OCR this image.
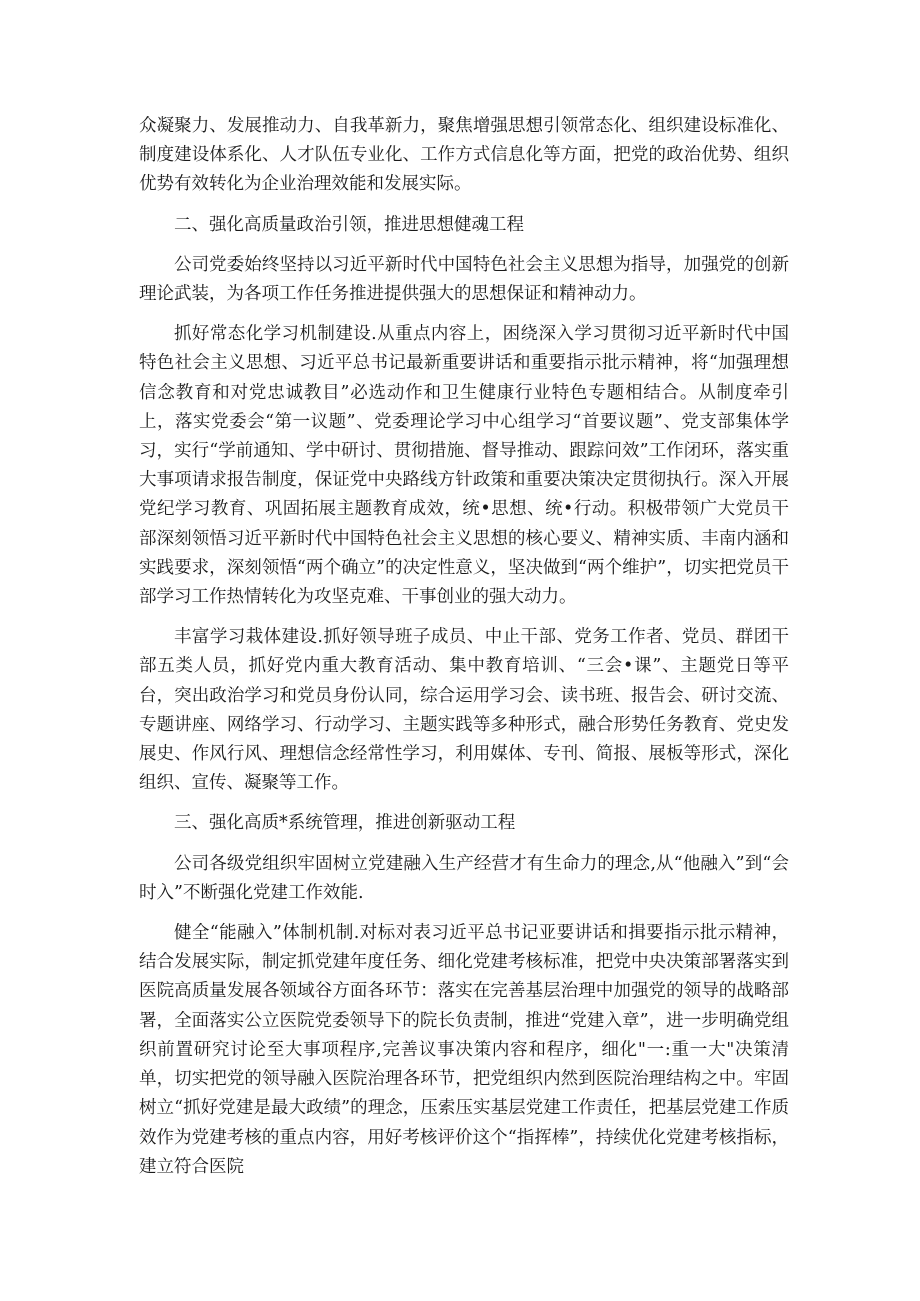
众凝聚力、发展推动力、自我革新力，聚焦增强思想引领常态化、组织建设标准化、制度建设体系化、人才队伍专业化、工作方式信息化等方面，把党的政治优势、组织优势有效转化为企业治理效能和发展实际。

二、强化高质量政治引领，推进思想健魂工程

公司党委始终坚持以习近平新时代中国特色社会主义思想为指导，加强党的创新理论武装，为各项工作任务推进提供强大的思想保证和精神动力。

抓好常态化学习机制建设.从重点内容上，困绕深入学习贯彻习近平新时代中国特色社会主义思想、习近平总书记最新重要讲话和重要指示批示精神，将“加强理想信念教育和对党忠诚教目”必选动作和卫生健康行业特色专题相结合。从制度牵引上，落实党委会“第一议题”、党委理论学习中心组学习“首要议题”、党支部集体学习，实行“学前通知、学中研讨、贯彻措施、督导推动、跟踪问效”工作闭环，落实重大事项请求报告制度，保证党中央路线方针政策和重要决策决定贯彻执行。深入开展党纪学习教育、巩固拓展主题教育成效，统•思想、统•行动。积极带领广大党员干部深刻领悟习近平新时代中国特色社会主义思想的核心要义、精神实质、丰南内涵和实践要求，深刻领悟“两个确立”的决定性意义，坚决做到“两个维护”，切实把党员干部学习工作热情转化为攻坚克难、干事创业的强大动力。

丰富学习栽体建设.抓好领导班子成员、中止干部、党务工作者、党员、群团干部五类人员，抓好党内重大教育活动、集中教育培训、“三会•课”、主题党日等平台，突出政治学习和党员身份认同，综合运用学习会、读书班、报告会、研讨交流、专题讲座、网络学习、行动学习、主题实践等多种形式，融合形势任务教育、党史发展史、作风行风、理想信念经常性学习，利用媒体、专刊、简报、展板等形式，深化组织、宣传、凝聚等工作。

三、强化高质*系统管理，推进创新驱动工程

公司各级党组织牢固树立党建融入生产经营才有生命力的理念,从“他融入”到“会时入”不断强化党建工作效能.

健全“能融入”体制机制.对标对表习近平总书记亚要讲话和揖要指示批示精神，结合发展实际，制定抓党建年度任务、细化党建考核标准，把党中央决策部署落实到医院高质量发展各领域谷方面各环节：落实在完善基层治理中加强党的领导的战略部署，全面落实公立医院党委领导下的院长负责制，推进“党建入章”，进一步明确党组织前置研究讨论至大事项程序,完善议事决策内容和程序，细化"一:重一大"决策清单，切实把党的领导融入医院治理各环节，把党组织内然到医院治理结构之中。牢固树立“抓好党建是最大政绩”的理念，压索压实基层党建工作责任，把基层党建工作质效作为党建考核的重点内容，用好考核评价这个“指挥棒”，持续优化党建考核指标，建立符合医院
